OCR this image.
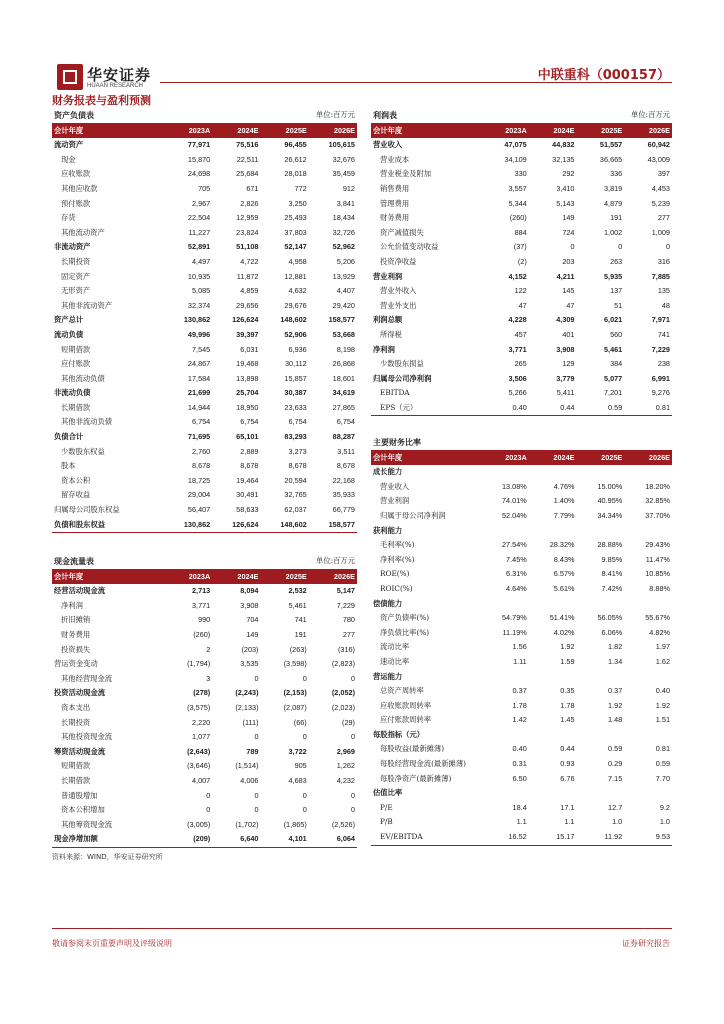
华安证券
HUAAN RESEARCH
中联重科（000157）
财务报表与盈利预测
资产负债表			单位:百万元	
会计年度	2023A	2024E	2025E	2026E
流动资产	77,971	75,516	96,455	105,615
现金	15,870	22,511	26,612	32,676
应收账款	24,698	25,684	28,018	35,459
其他应收款	705	671	772	912
预付账款	2,967	2,826	3,250	3,841
存货	22,504	12,959	25,493	18,434
其他流动资产	11,227	23,824	37,803	32,726
非流动资产	52,891	51,108	52,147	52,962
长期投资	4,497	4,722	4,958	5,206
固定资产	10,935	11,872	12,881	13,929
无形资产	5,085	4,859	4,632	4,407
其他非流动资产	32,374	29,656	29,676	29,420
资产总计	130,862	126,624	148,602	158,577
流动负债	49,996	39,397	52,906	53,668
短期借款	7,545	6,031	6,936	8,198
应付账款	24,867	19,468	30,112	26,868
其他流动负债	17,584	13,898	15,857	18,601
非流动负债	21,699	25,704	30,387	34,619
长期借款	14,944	18,950	23,633	27,865
其他非流动负债	6,754	6,754	6,754	6,754
负债合计	71,695	65,101	83,293	88,287
少数股东权益	2,760	2,889	3,273	3,511
股本	8,678	8,678	8,678	8,678
资本公积	18,725	19,464	20,594	22,168
留存收益	29,004	30,491	32,765	35,933
归属母公司股东权益	56,407	58,633	62,037	66,779
负债和股东权益	130,862	126,624	148,602	158,577
现金流量表			单位:百万元	
会计年度	2023A	2024E	2025E	2026E
经营活动现金流	2,713	8,094	2,532	5,147
净利润	3,771	3,908	5,461	7,229
折旧摊销	990	704	741	780
财务费用	(260)	149	191	277
投资损失	2	(203)	(263)	(316)
营运资金变动	(1,794)	3,535	(3,598)	(2,823)
其他经营现金流	3	0	0	0
投资活动现金流	(278)	(2,243)	(2,153)	(2,052)
资本支出	(3,575)	(2,133)	(2,087)	(2,023)
长期投资	2,220	(111)	(66)	(29)
其他投资现金流	1,077	0	0	0
筹资活动现金流	(2,643)	789	3,722	2,969
短期借款	(3,646)	(1,514)	905	1,262
长期借款	4,007	4,006	4,683	4,232
普通股增加	0	0	0	0
资本公积增加	0	0	0	0
其他筹资现金流	(3,005)	(1,702)	(1,865)	(2,526)
现金净增加额	(209)	6,640	4,101	6,064
利润表			单位:百万元	
会计年度	2023A	2024E	2025E	2026E
营业收入	47,075	44,832	51,557	60,942
营业成本	34,109	32,135	36,665	43,009
营业税金及附加	330	292	336	397
销售费用	3,557	3,410	3,819	4,453
管理费用	5,344	5,143	4,879	5,239
财务费用	(260)	149	191	277
资产减值损失	884	724	1,002	1,009
公允价值变动收益	(37)	0	0	0
投资净收益	(2)	203	263	316
营业利润	4,152	4,211	5,935	7,885
营业外收入	122	145	137	135
营业外支出	47	47	51	48
利润总额	4,228	4,309	6,021	7,971
所得税	457	401	560	741
净利润	3,771	3,908	5,461	7,229
少数股东损益	265	129	384	238
归属母公司净利润	3,506	3,779	5,077	6,991
EBITDA	5,266	5,411	7,201	9,276
EPS（元）	0.40	0.44	0.59	0.81
主要财务比率				
会计年度	2023A	2024E	2025E	2026E
成长能力				
营业收入	13.08%	4.76%	15.00%	18.20%
营业利润	74.01%	1.40%	40.95%	32.85%
归属于母公司净利润	52.04%	7.79%	34.34%	37.70%
获利能力				
毛利率(%)	27.54%	28.32%	28.88%	29.43%
净利率(%)	7.45%	8.43%	9.85%	11.47%
ROE(%)	6.31%	6.57%	8.41%	10.85%
ROIC(%)	4.64%	5.61%	7.42%	8.88%
偿债能力				
资产负债率(%)	54.79%	51.41%	56.05%	55.67%
净负债比率(%)	11.19%	4.02%	6.06%	4.82%
流动比率	1.56	1.92	1.82	1.97
速动比率	1.11	1.59	1.34	1.62
营运能力				
总资产周转率	0.37	0.35	0.37	0.40
应收账款周转率	1.78	1.78	1.92	1.92
应付账款周转率	1.42	1.45	1.48	1.51
每股指标（元）				
每股收益(最新摊薄)	0.40	0.44	0.59	0.81
每股经营现金流(最新摊薄)	0.31	0.93	0.29	0.59
每股净资产(最新摊薄)	6.50	6.76	7.15	7.70
估值比率				
P/E	18.4	17.1	12.7	9.2
P/B	1.1	1.1	1.0	1.0
EV/EBITDA	16.52	15.17	11.92	9.53
资料来源：WIND，华安证券研究所
敬请参阅末页重要声明及评级说明	证券研究报告
